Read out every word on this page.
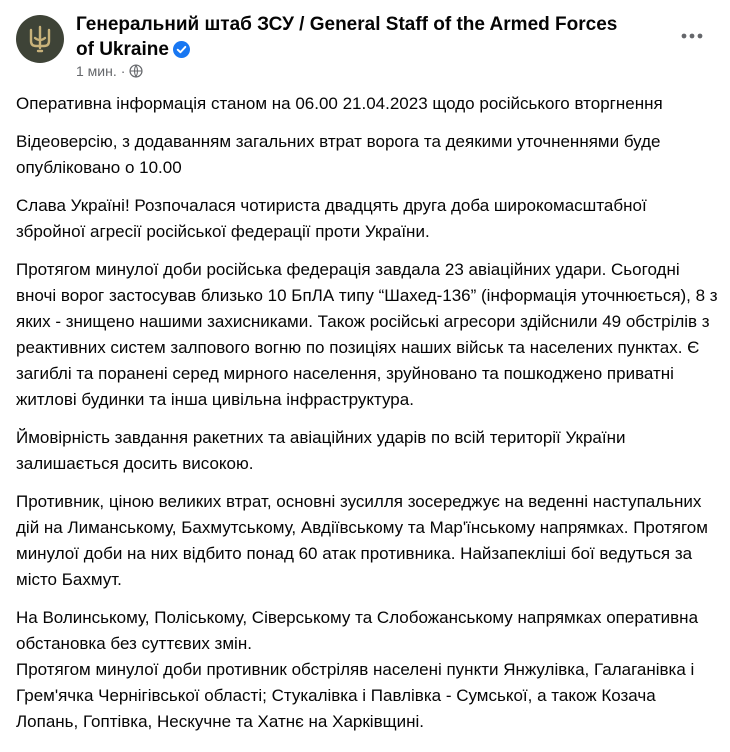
Генеральний штаб ЗСУ / General Staff of the Armed Forces of Ukraine
1 мин. ·

Оперативна інформація станом на 06.00 21.04.2023 щодо російського вторгнення

Відеоверсію, з додаванням загальних втрат ворога та деякими уточненнями буде опубліковано о 10.00

Слава Україні! Розпочалася чотириста двадцять друга доба широкомасштабної збройної агресії російської федерації проти України.

Протягом минулої доби російська федерація завдала 23 авіаційних удари. Сьогодні вночі ворог застосував близько 10 БпЛА типу “Шахед-136” (інформація уточнюється), 8 з яких - знищено нашими захисниками. Також російські агресори здійснили 49 обстрілів з реактивних систем залпового вогню по позиціях наших військ та населених пунктах. Є загиблі та поранені серед мирного населення, зруйновано та пошкоджено приватні житлові будинки та інша цивільна інфраструктура.

Ймовірність завдання ракетних та авіаційних ударів по всій території України залишається досить високою.

Противник, ціною великих втрат, основні зусилля зосереджує на веденні наступальних дій на Лиманському, Бахмутському, Авдіївському та Мар'їнському напрямках. Протягом минулої доби на них відбито понад 60 атак противника. Найзапекліші бої ведуться за місто Бахмут.

На Волинському, Поліському, Сіверському та Слобожанському напрямках оперативна обстановка без суттєвих змін.

Протягом минулої доби противник обстріляв населені пункти Янжулівка, Галаганівка і Грем'ячка Чернігівської області; Стукалівка і Павлівка - Сумської, а також Козача Лопань, Гоптівка, Нескучне та Хатнє на Харківщині.
